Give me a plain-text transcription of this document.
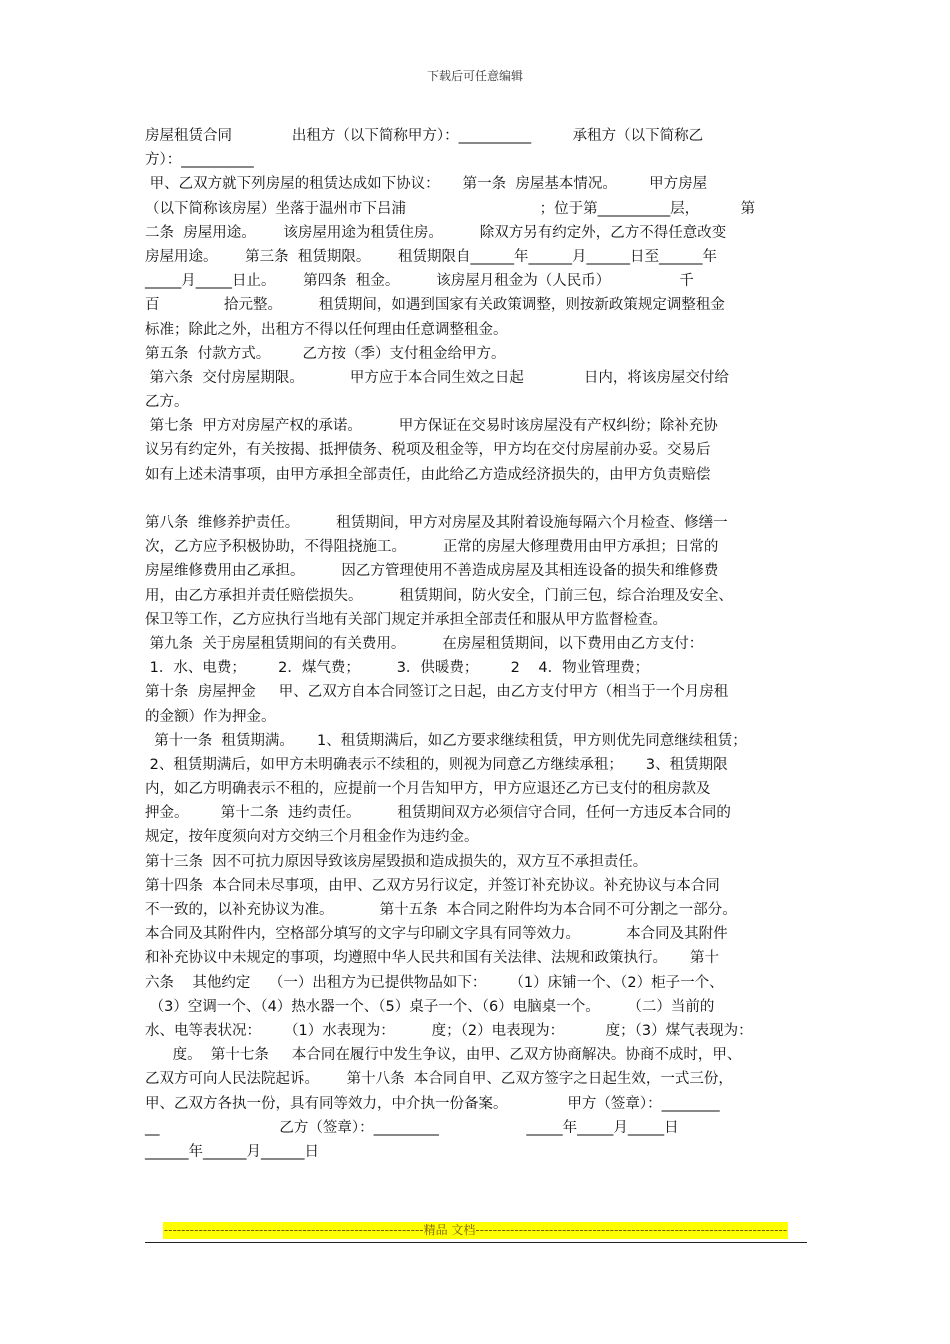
下载后可任意编辑
房屋租赁合同             出租方（以下简称甲方）：__________         承租方（以下简称乙
方）：__________
甲、乙双方就下列房屋的租赁达成如下协议：     第一条  房屋基本情况。       甲方房屋
（以下简称该房屋）坐落于温州市下吕浦                             ；位于第__________层，         第
二条  房屋用途。      该房屋用途为租赁住房。        除双方另有约定外，乙方不得任意改变
房屋用途。      第三条  租赁期限。      租赁期限自______年______月______日至______年
_____月_____日止。      第四条  租金。        该房屋月租金为（人民币）               千
百              拾元整。        租赁期间，如遇到国家有关政策调整，则按新政策规定调整租金
标准；除此之外，出租方不得以任何理由任意调整租金。
第五条  付款方式。       乙方按（季）支付租金给甲方。
第六条  交付房屋期限。          甲方应于本合同生效之日起             日内，将该房屋交付给
乙方。
第七条  甲方对房屋产权的承诺。        甲方保证在交易时该房屋没有产权纠纷；除补充协
议另有约定外，有关按揭、抵押债务、税项及租金等，甲方均在交付房屋前办妥。交易后
如有上述未清事项，由甲方承担全部责任，由此给乙方造成经济损失的，由甲方负责赔偿
第八条  维修养护责任。        租赁期间，甲方对房屋及其附着设施每隔六个月检查、修缮一
次，乙方应予积极协助，不得阻挠施工。        正常的房屋大修理费用由甲方承担；日常的
房屋维修费用由乙承担。        因乙方管理使用不善造成房屋及其相连设备的损失和维修费
用，由乙方承担并责任赔偿损失。        租赁期间，防火安全，门前三包，综合治理及安全、
保卫等工作，乙方应执行当地有关部门规定并承担全部责任和服从甲方监督检查。
第九条  关于房屋租赁期间的有关费用。        在房屋租赁期间，以下费用由乙方支付：
1．水、电费；       2．煤气费；        3．供暖费；       2    4．物业管理费；
第十条  房屋押金     甲、乙双方自本合同签订之日起，由乙方支付甲方（相当于一个月房租
的金额）作为押金。
第十一条  租赁期满。     1、租赁期满后，如乙方要求继续租赁，甲方则优先同意继续租赁；
2、租赁期满后，如甲方未明确表示不续租的，则视为同意乙方继续承租；     3、租赁期限
内，如乙方明确表示不租的，应提前一个月告知甲方，甲方应退还乙方已支付的租房款及
押金。       第十二条  违约责任。        租赁期间双方必须信守合同，任何一方违反本合同的
规定，按年度须向对方交纳三个月租金作为违约金。
第十三条  因不可抗力原因导致该房屋毁损和造成损失的，双方互不承担责任。
第十四条  本合同未尽事项，由甲、乙双方另行议定，并签订补充协议。补充协议与本合同
不一致的，以补充协议为准。          第十五条  本合同之附件均为本合同不可分割之一部分。
本合同及其附件内，空格部分填写的文字与印刷文字具有同等效力。          本合同及其附件
和补充协议中未规定的事项，均遵照中华人民共和国有关法律、法规和政策执行。     第十
六条    其他约定    （一）出租方为已提供物品如下：     （1）床铺一个、（2）柜子一个、
（3）空调一个、（4）热水器一个、（5）桌子一个、（6）电脑桌一个。      （二）当前的
水、电等表状况：     （1）水表现为：        度；（2）电表现为：         度；（3）煤气表现为：
度。  第十七条     本合同在履行中发生争议，由甲、乙双方协商解决。协商不成时，甲、
乙双方可向人民法院起诉。      第十八条  本合同自甲、乙双方签字之日起生效，一式三份，
甲、乙双方各执一份，具有同等效力，中介执一份备案。             甲方（签章）：________
__                          乙方（签章）：_________                   _____年_____月_____日
______年______月______日
------------------------------------------------------------精品 文档------------------------------------------------------------------------
